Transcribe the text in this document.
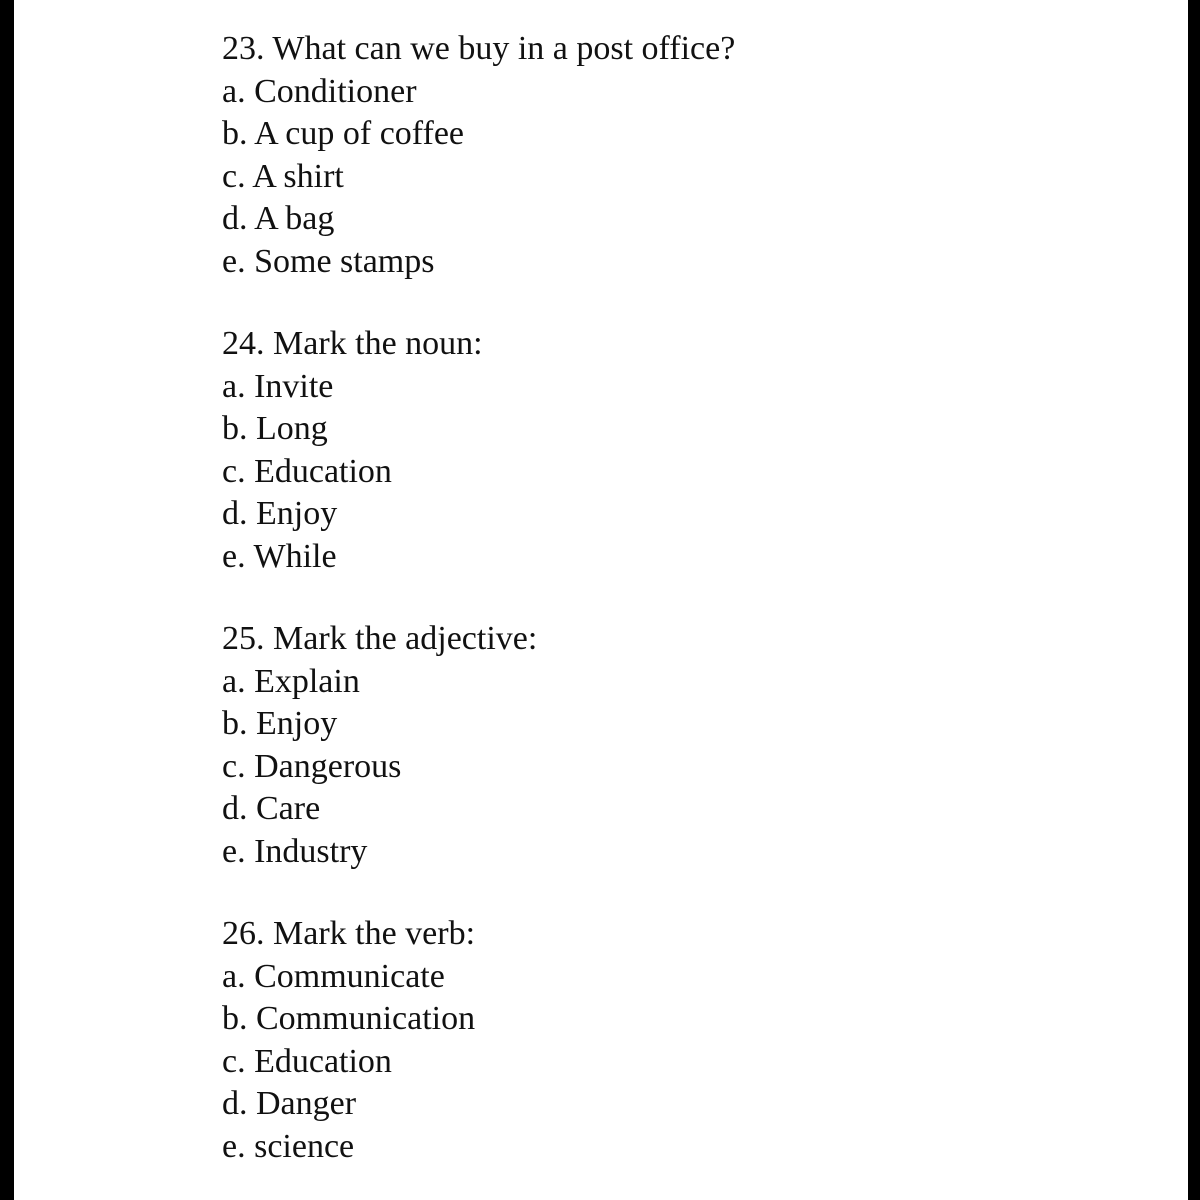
23. What can we buy in a post office?

a. Conditioner

b. A cup of coffee

c. A shirt

d. A bag

e. Some stamps

24. Mark the noun:

a. Invite

b. Long

c. Education

d. Enjoy

e. While

25. Mark the adjective:

a. Explain

b. Enjoy

c. Dangerous

d. Care

e. Industry

26. Mark the verb:

a. Communicate

b. Communication

c. Education

d. Danger

e. science
